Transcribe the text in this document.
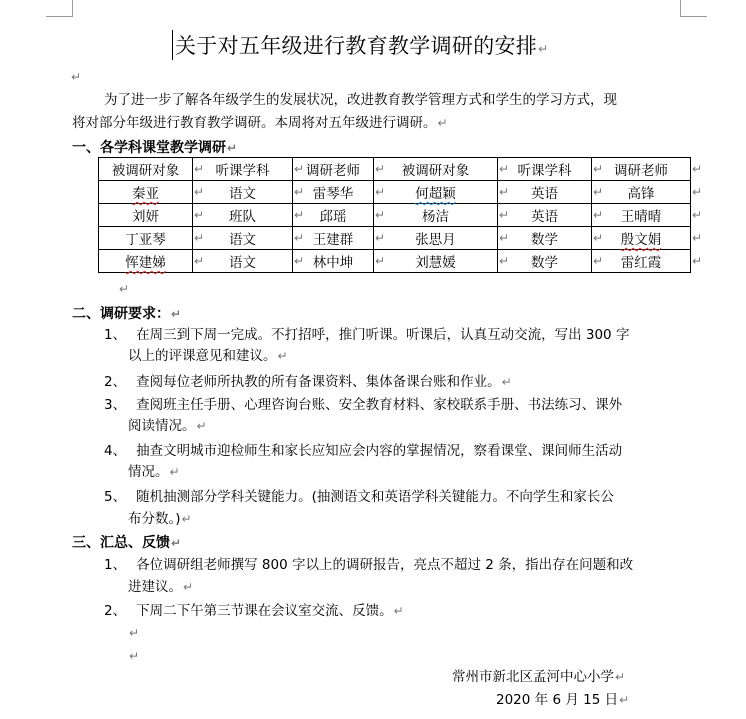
关于对五年级进行教育教学调研的安排↵
↵
为了进一步了解各年级学生的发展状况，改进教育教学管理方式和学生的学习方式，现
将对部分年级进行教育教学调研。本周将对五年级进行调研。↵
一、各学科课堂教学调研↵
被调研对象 ↵	听课学科 ↵	调研老师 ↵	被调研对象 ↵	听课学科 ↵	调研老师 ↵

秦亚 ↵	语文 ↵	雷琴华 ↵	何超颖 ↵	英语 ↵	高锋 ↵

刘妍 ↵	班队 ↵	邱瑶 ↵	杨洁 ↵	英语 ↵	王晴晴 ↵

丁亚琴 ↵	语文 ↵	王建群 ↵	张思月 ↵	数学 ↵	殷文娟 ↵

恽建娣 ↵	语文 ↵	林中坤 ↵	刘慧媛 ↵	数学 ↵	雷红霞 ↵
↵
二、调研要求：↵
1、 在周三到下周一完成。不打招呼，推门听课。听课后，认真互动交流，写出 300 字
以上的评课意见和建议。↵
2、 查阅每位老师所执教的所有备课资料、集体备课台账和作业。↵
3、 查阅班主任手册、心理咨询台账、安全教育材料、家校联系手册、书法练习、课外
阅读情况。↵
4、 抽查文明城市迎检师生和家长应知应会内容的掌握情况，察看课堂、课间师生活动
情况。↵
5、 随机抽测部分学科关键能力。(抽测语文和英语学科关键能力。不向学生和家长公
布分数。)↵
三、汇总、反馈↵
1、 各位调研组老师撰写 800 字以上的调研报告，亮点不超过 2 条，指出存在问题和改
进建议。↵
2、 下周二下午第三节课在会议室交流、反馈。↵
↵
↵
常州市新北区孟河中心小学↵
2020 年 6 月 15 日↵
